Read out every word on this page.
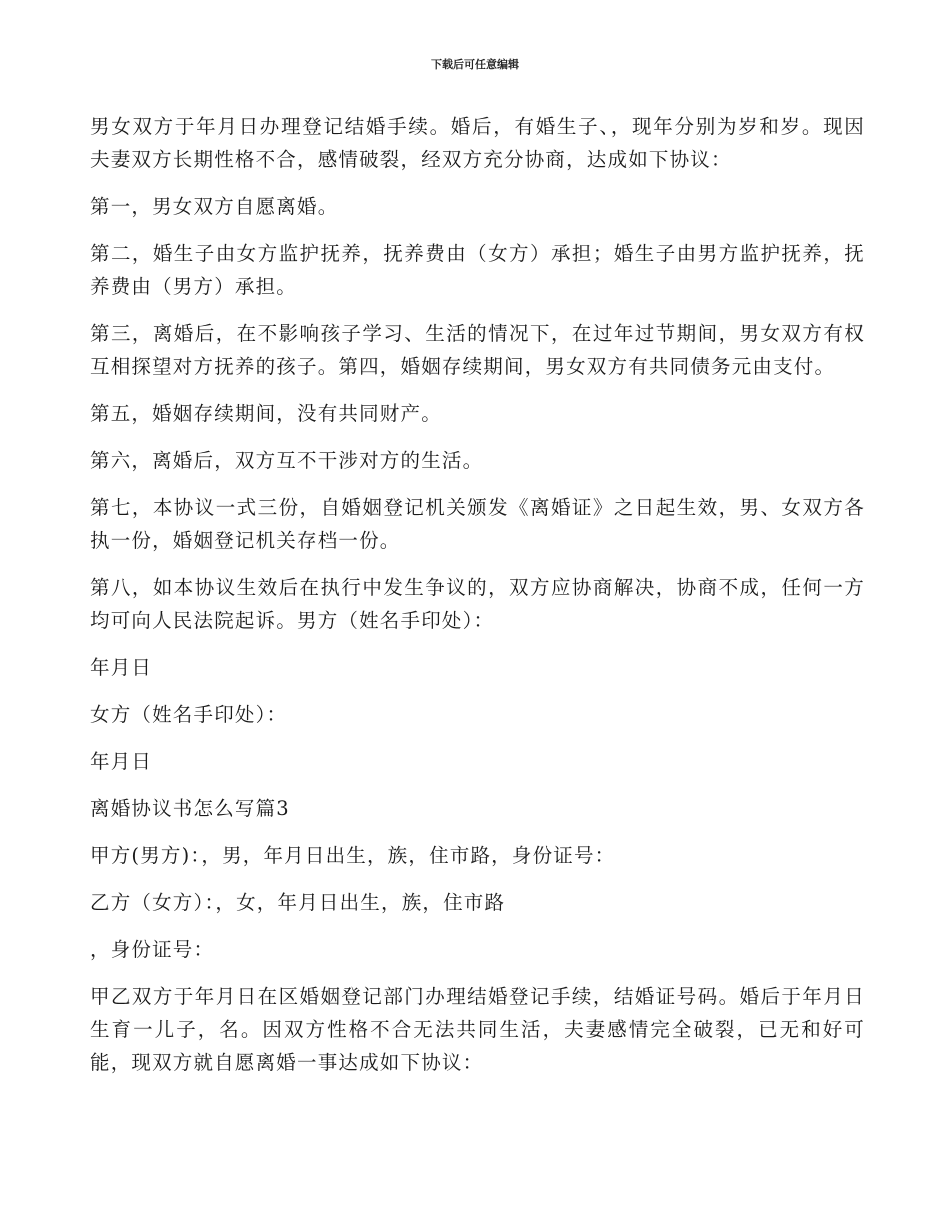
下载后可任意编辑

男女双方于年月日办理登记结婚手续。婚后，有婚生子、，现年分别为岁和岁。现因夫妻双方长期性格不合，感情破裂，经双方充分协商，达成如下协议：

第一，男女双方自愿离婚。

第二，婚生子由女方监护抚养，抚养费由（女方）承担；婚生子由男方监护抚养，抚养费由（男方）承担。

第三，离婚后，在不影响孩子学习、生活的情况下，在过年过节期间，男女双方有权互相探望对方抚养的孩子。第四，婚姻存续期间，男女双方有共同债务元由支付。

第五，婚姻存续期间，没有共同财产。

第六，离婚后，双方互不干涉对方的生活。

第七，本协议一式三份，自婚姻登记机关颁发《离婚证》之日起生效，男、女双方各执一份，婚姻登记机关存档一份。

第八，如本协议生效后在执行中发生争议的，双方应协商解决，协商不成，任何一方均可向人民法院起诉。男方（姓名手印处）：

年月日

女方（姓名手印处）：

年月日

离婚协议书怎么写篇3

甲方(男方)：，男，年月日出生，族，住市路，身份证号：

乙方（女方）：，女，年月日出生，族，住市路

，身份证号：

甲乙双方于年月日在区婚姻登记部门办理结婚登记手续，结婚证号码。婚后于年月日生育一儿子，名。因双方性格不合无法共同生活，夫妻感情完全破裂，已无和好可能，现双方就自愿离婚一事达成如下协议：
